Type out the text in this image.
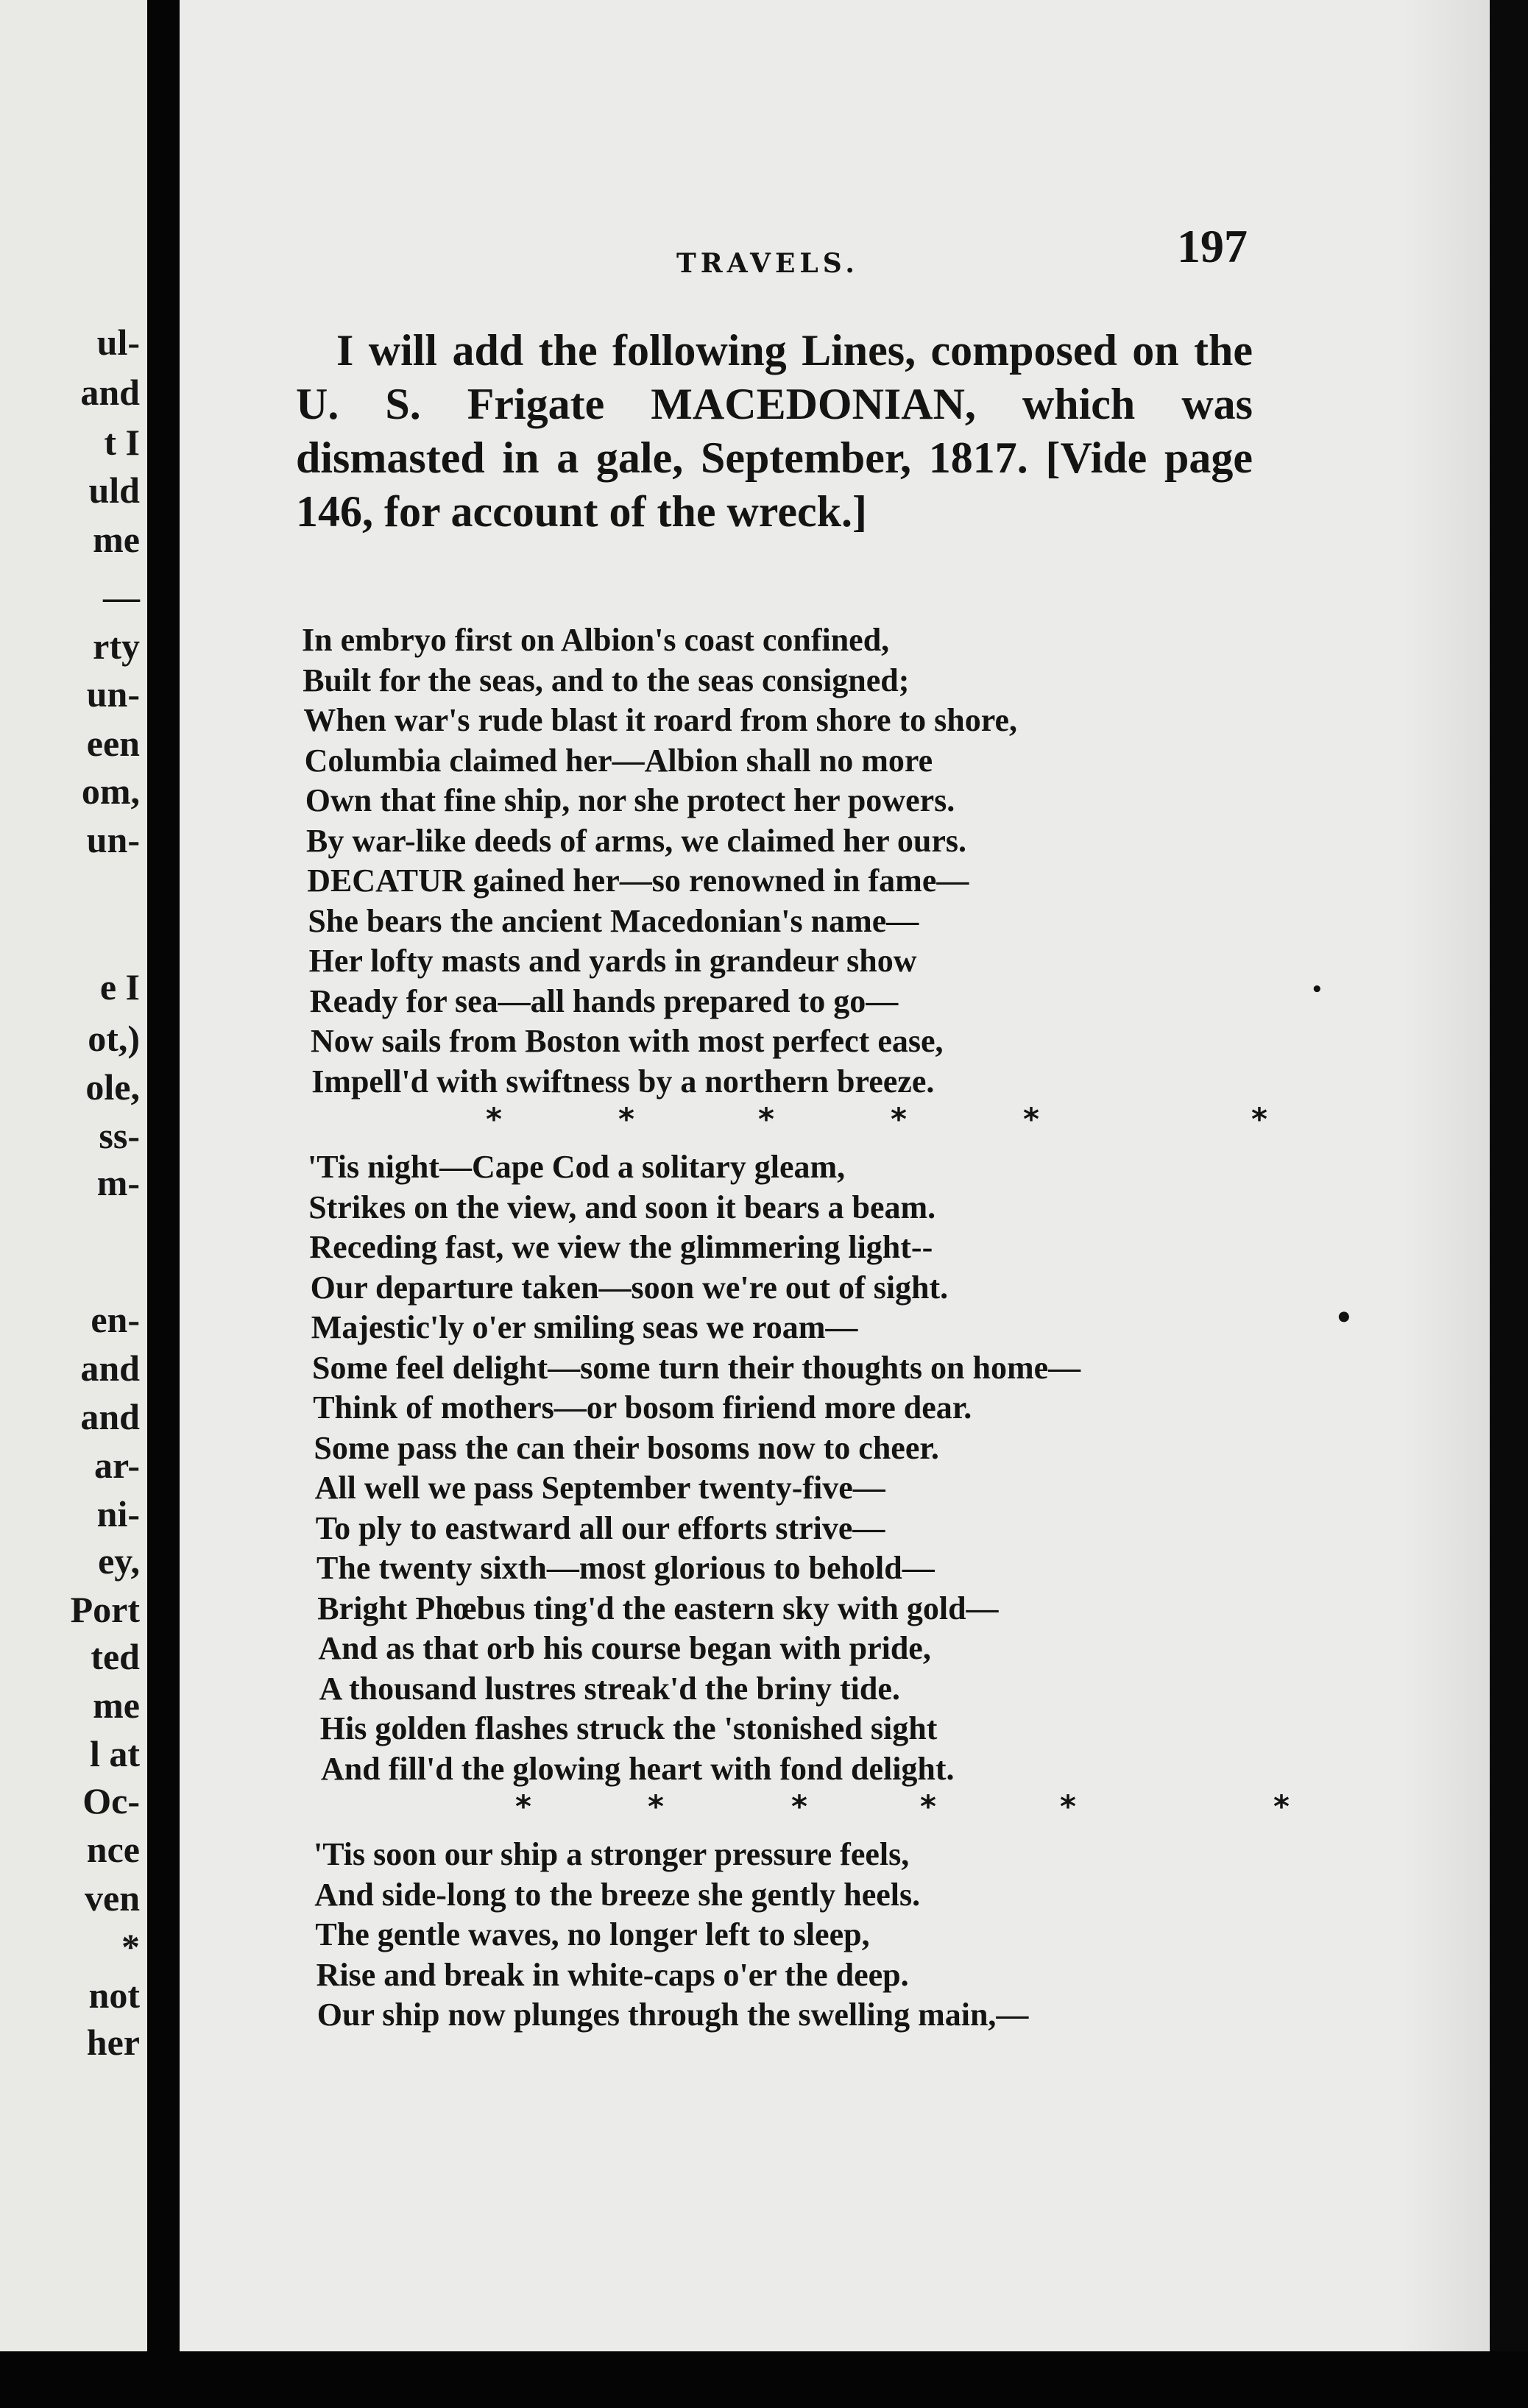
ul-
and
t I
uld
me
—
rty
un-
een
om,
un-
e I
ot,)
ole,
ss-
m-
en-
and
and
ar-
ni-
ey,
Port
ted
me
l at
Oc-
nce
ven
*
not
her
TRAVELS.	197
I will add the following Lines, composed on the U. S. Frigate MACEDONIAN, which was dismasted in a gale, September, 1817. [Vide page 146, for account of the wreck.]
In embryo first on Albion's coast confined,
Built for the seas, and to the seas consigned;
When war's rude blast it roard from shore to shore,
Columbia claimed her—Albion shall no more
Own that fine ship, nor she protect her powers.
By war-like deeds of arms, we claimed her ours.
DECATUR gained her—so renowned in fame—
She bears the ancient Macedonian's name—
Her lofty masts and yards in grandeur show
Ready for sea—all hands prepared to go—
Now sails from Boston with most perfect ease,
Impell'd with swiftness by a northern breeze.
*	*	*	*	*	*
'Tis night—Cape Cod a solitary gleam,
Strikes on the view, and soon it bears a beam.
Receding fast, we view the glimmering light--
Our departure taken—soon we're out of sight.
Majestic'ly o'er smiling seas we roam—
Some feel delight—some turn their thoughts on home—
Think of mothers—or bosom firiend more dear.
Some pass the can their bosoms now to cheer.
All well we pass September twenty-five—
To ply to eastward all our efforts strive—
The twenty sixth—most glorious to behold—
Bright Phœbus ting'd the eastern sky with gold—
And as that orb his course began with pride,
A thousand lustres streak'd the briny tide.
His golden flashes struck the 'stonished sight
And fill'd the glowing heart with fond delight.
*	*	*	*	*	*
'Tis soon our ship a stronger pressure feels,
And side-long to the breeze she gently heels.
The gentle waves, no longer left to sleep,
Rise and break in white-caps o'er the deep.
Our ship now plunges through the swelling main,—
•
•
